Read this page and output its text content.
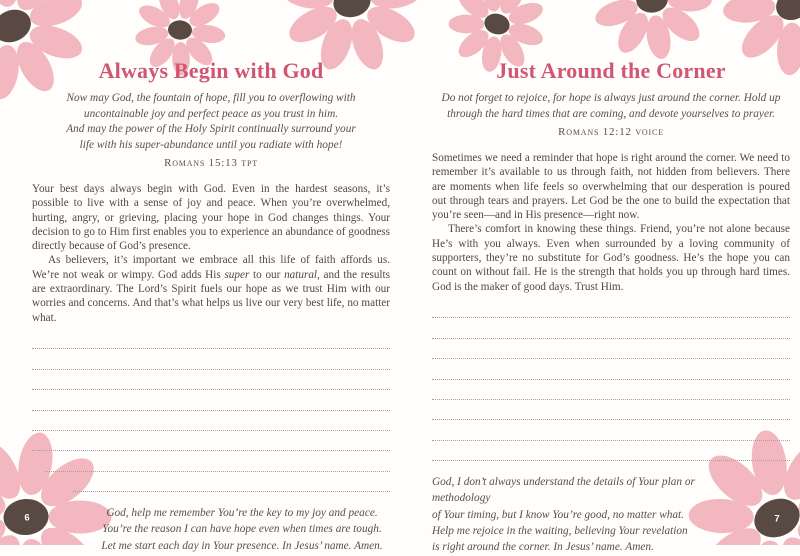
Always Begin with God
Now may God, the fountain of hope, fill you to overflowing with
uncontainable joy and perfect peace as you trust in him.
And may the power of the Holy Spirit continually surround your
life with his super-abundance until you radiate with hope!
Romans 15:13 tpt

Your best days always begin with God. Even in the hardest seasons, it’s possible to live with a sense of joy and peace. When you’re overwhelmed, hurting, angry, or grieving, placing your hope in God changes things. Your decision to go to Him first enables you to experience an abundance of goodness directly because of God’s presence.

As believers, it’s important we embrace all this life of faith affords us. We’re not weak or wimpy. God adds His super to our natural, and the results are extraordinary. The Lord’s Spirit fuels our hope as we trust Him with our worries and concerns. And that’s what helps us live our very best life, no matter what.

God, help me remember You’re the key to my joy and peace.
You’re the reason I can have hope even when times are tough.
Let me start each day in Your presence. In Jesus’ name. Amen.
Just Around the Corner
Do not forget to rejoice, for hope is always just around the corner. Hold up
through the hard times that are coming, and devote yourselves to prayer.
Romans 12:12 voice

Sometimes we need a reminder that hope is right around the corner. We need to remember it’s available to us through faith, not hidden from believers. There are moments when life feels so overwhelming that our desperation is poured out through tears and prayers. Let God be the one to build the expectation that you’re seen—and in His presence—right now.

There’s comfort in knowing these things. Friend, you’re not alone because He’s with you always. Even when surrounded by a loving community of supporters, they’re no substitute for God’s goodness. He’s the hope you can count on without fail. He is the strength that holds you up through hard times. God is the maker of good days. Trust Him.

God, I don’t always understand the details of Your plan or methodology
of Your timing, but I know You’re good, no matter what.
Help me rejoice in the waiting, believing Your revelation
is right around the corner. In Jesus’ name. Amen.
6	7
